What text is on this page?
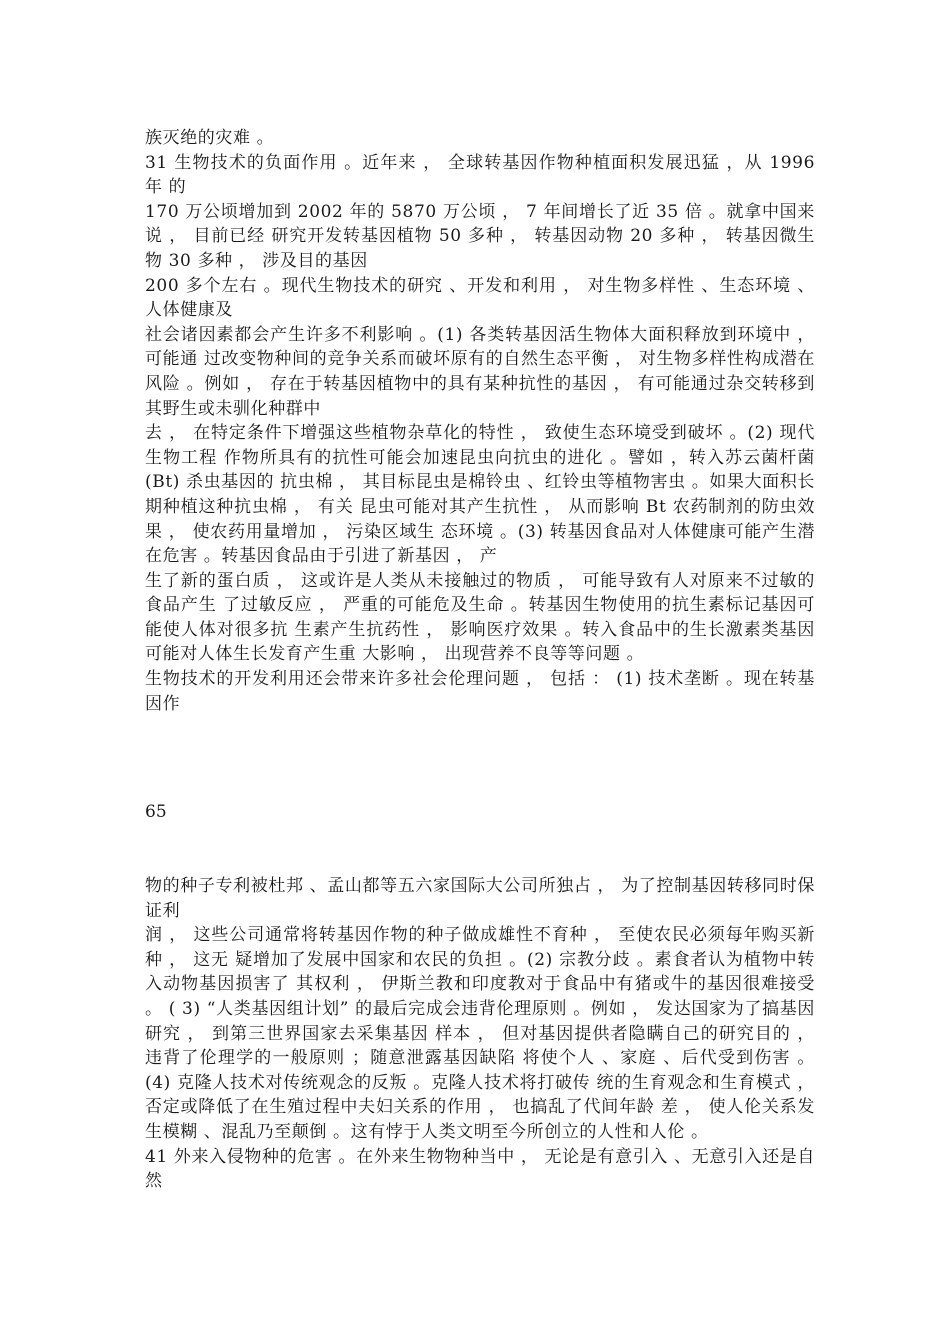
族灭绝的灾难 。

31 生物技术的负面作用 。近年来 ， 全球转基因作物种植面积发展迅猛 ，从 1996 年 的

170 万公顷增加到 2002 年的 5870 万公顷 ， 7 年间增长了近 35 倍 。就拿中国来说 ， 目前已经 研究开发转基因植物 50 多种 ， 转基因动物 20 多种 ， 转基因微生物 30 多种 ， 涉及目的基因

200 多个左右 。现代生物技术的研究 、开发和利用 ， 对生物多样性 、生态环境 、人体健康及

社会诸因素都会产生许多不利影响 。(1) 各类转基因活生物体大面积释放到环境中 ， 可能通 过改变物种间的竞争关系而破坏原有的自然生态平衡 ， 对生物多样性构成潜在风险 。例如 ， 存在于转基因植物中的具有某种抗性的基因 ， 有可能通过杂交转移到其野生或未驯化种群中

去 ， 在特定条件下增强这些植物杂草化的特性 ， 致使生态环境受到破坏 。(2) 现代生物工程 作物所具有的抗性可能会加速昆虫向抗虫的进化 。譬如 ，转入苏云菌杆菌 (Bt) 杀虫基因的 抗虫棉 ， 其目标昆虫是棉铃虫 、红铃虫等植物害虫 。如果大面积长期种植这种抗虫棉 ， 有关 昆虫可能对其产生抗性 ， 从而影响 Bt 农药制剂的防虫效果 ， 使农药用量增加 ， 污染区域生 态环境 。(3) 转基因食品对人体健康可能产生潜在危害 。转基因食品由于引进了新基因 ， 产

生了新的蛋白质 ， 这或许是人类从未接触过的物质 ， 可能导致有人对原来不过敏的食品产生 了过敏反应 ， 严重的可能危及生命 。转基因生物使用的抗生素标记基因可能使人体对很多抗 生素产生抗药性 ， 影响医疗效果 。转入食品中的生长激素类基因可能对人体生长发育产生重 大影响 ， 出现营养不良等等问题 。

生物技术的开发利用还会带来许多社会伦理问题 ， 包括 ： (1) 技术垄断 。现在转基因作

65

物的种子专利被杜邦 、孟山都等五六家国际大公司所独占 ， 为了控制基因转移同时保证利

润 ， 这些公司通常将转基因作物的种子做成雄性不育种 ， 至使农民必须每年购买新种 ， 这无 疑增加了发展中国家和农民的负担 。(2) 宗教分歧 。素食者认为植物中转入动物基因损害了 其权利 ， 伊斯兰教和印度教对于食品中有猪或牛的基因很难接受 。 ( 3) “人类基因组计划” 的最后完成会违背伦理原则 。例如 ， 发达国家为了搞基因研究 ， 到第三世界国家去采集基因 样本 ， 但对基因提供者隐瞒自己的研究目的 ， 违背了伦理学的一般原则 ；随意泄露基因缺陷 将使个人 、家庭 、后代受到伤害 。(4) 克隆人技术对传统观念的反叛 。克隆人技术将打破传 统的生育观念和生育模式 ， 否定或降低了在生殖过程中夫妇关系的作用 ， 也搞乱了代间年龄 差 ， 使人伦关系发生模糊 、混乱乃至颠倒 。这有悖于人类文明至今所创立的人性和人伦 。

41 外来入侵物种的危害 。在外来生物物种当中 ， 无论是有意引入 、无意引入还是自然
